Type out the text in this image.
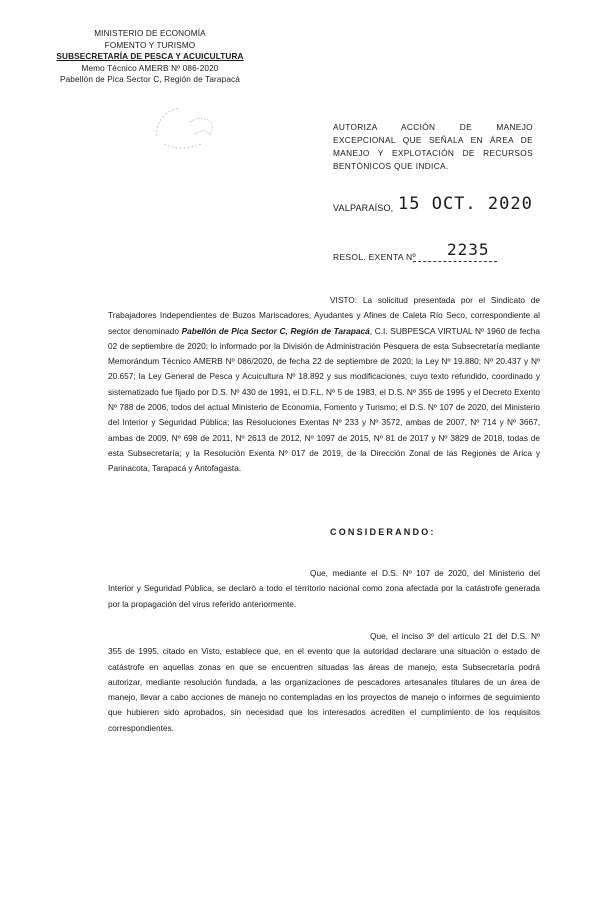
MINISTERIO DE ECONOMÍA
FOMENTO Y TURISMO
SUBSECRETARÍA DE PESCA Y ACUICULTURA
Memo Técnico AMERB Nº 086-2020
Pabellón de Pica Sector C, Región de Tarapacá
AUTORIZA ACCIÓN DE MANEJO EXCEPCIONAL QUE SEÑALA EN ÁREA DE MANEJO Y EXPLOTACIÓN DE RECURSOS BENTÓNICOS QUE INDICA.
VALPARAÍSO, 15 OCT. 2020
RESOL. EXENTA Nº 2235
VISTO: La solicitud presentada por el Sindicato de Trabajadores Independientes de Buzos Mariscadores, Ayudantes y Afines de Caleta Río Seco, correspondiente al sector denominado Pabellón de Pica Sector C, Región de Tarapacá, C.I. SUBPESCA VIRTUAL Nº 1960 de fecha 02 de septiembre de 2020; lo informado por la División de Administración Pesquera de esta Subsecretaría mediante Memorándum Técnico AMERB Nº 086/2020, de fecha 22 de septiembre de 2020; la Ley Nº 19.880; Nº 20.437 y Nº 20.657; la Ley General de Pesca y Acuicultura Nº 18.892 y sus modificaciones, cuyo texto refundido, coordinado y sistematizado fue fijado por D.S. Nº 430 de 1991, el D.F.L. Nº 5 de 1983, el D.S. Nº 355 de 1995 y el Decreto Exento Nº 788 de 2006, todos del actual Ministerio de Economía, Fomento y Turismo; el D.S. Nº 107 de 2020, del Ministerio del Interior y Seguridad Pública; las Resoluciones Exentas Nº 233 y Nº 3572, ambas de 2007, Nº 714 y Nº 3667, ambas de 2009, Nº 698 de 2011, Nº 2613 de 2012, Nº 1097 de 2015, Nº 81 de 2017 y Nº 3829 de 2018, todas de esta Subsecretaría; y la Resolución Exenta Nº 017 de 2019, de la Dirección Zonal de las Regiones de Arica y Parinacota, Tarapacá y Antofagasta.
CONSIDERANDO:
Que, mediante el D.S. Nº 107 de 2020, del Ministerio del Interior y Seguridad Pública, se declaró a todo el territorio nacional como zona afectada por la catástrofe generada por la propagación del virus referido anteriormente.
Que, el inciso 3º del artículo 21 del D.S. Nº 355 de 1995, citado en Visto, establece que, en el evento que la autoridad declarare una situación o estado de catástrofe en aquellas zonas en que se encuentren situadas las áreas de manejo, esta Subsecretaría podrá autorizar, mediante resolución fundada, a las organizaciones de pescadores artesanales titulares de un área de manejo, llevar a cabo acciones de manejo no contempladas en los proyectos de manejo o informes de seguimiento que hubieren sido aprobados, sin necesidad que los interesados acrediten el cumplimiento de los requisitos correspondientes.
